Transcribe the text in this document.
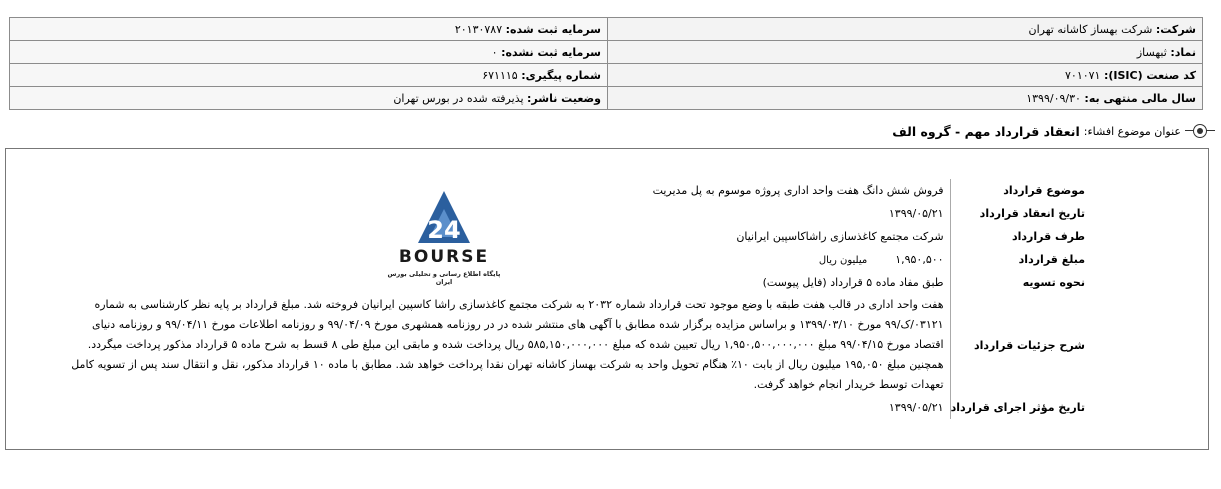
شرکت: شرکت بهساز کاشانه تهران	سرمایه ثبت شده: ۲۰۱۳۰۷۸۷
نماد: ثبهساز	سرمایه ثبت نشده: ۰
کد صنعت (ISIC): ۷۰۱۰۷۱	شماره پیگیری: ۶۷۱۱۱۵
سال مالی منتهی به: ۱۳۹۹/۰۹/۳۰	وضعیت ناشر: پذیرفته شده در بورس تهران
عنوان موضوع افشاء:
انعقاد قرارداد مهم - گروه الف
24
BOURSE
پایگاه اطلاع رسانی و تحلیلی بورس ایران
موضوع قرارداد	فروش شش دانگ هفت واحد اداری پروژه موسوم به پل مدیریت
تاریخ انعقاد قرارداد	۱۳۹۹/۰۵/۲۱
طرف قرارداد	شرکت مجتمع کاغذسازی راشاکاسپین ایرانیان
مبلغ قرارداد	۱,۹۵۰,۵۰۰میلیون ریال
نحوه تسویه	طبق مفاد ماده ۵ قرارداد (فایل پیوست)
شرح جزئیات قرارداد	هفت واحد اداری در قالب هفت طبقه با وضع موجود تحت قرارداد شماره ۲۰۳۲ به شرکت مجتمع کاغذسازی راشا کاسپین ایرانیان فروخته شد. مبلغ قرارداد بر پایه نظر کارشناسی به شماره ۰۳۱۲۱/ک/۹۹ مورخ ۱۳۹۹/۰۳/۱۰ و براساس مزایده برگزار شده مطابق با آگهی های منتشر شده در در روزنامه همشهری مورخ ۹۹/۰۴/۰۹ و روزنامه اطلاعات مورخ ۹۹/۰۴/۱۱ و روزنامه دنیای اقتصاد مورخ ۹۹/۰۴/۱۵ مبلغ ۱,۹۵۰,۵۰۰,۰۰۰,۰۰۰ ریال تعیین شده که مبلغ ۵۸۵,۱۵۰,۰۰۰,۰۰۰ ریال پرداخت شده و مابقی این مبلغ طی ۸ قسط به شرح ماده ۵ قرارداد مذکور پرداخت میگردد. همچنین مبلغ ۱۹۵,۰۵۰ میلیون ریال از بابت ۱۰٪ هنگام تحویل واحد به شرکت بهساز کاشانه تهران نقدا پرداخت خواهد شد. مطابق با ماده ۱۰ قرارداد مذکور، نقل و انتقال سند پس از تسویه کامل تعهدات توسط خریدار انجام خواهد گرفت.
تاریخ مؤثر اجرای قرارداد	۱۳۹۹/۰۵/۲۱
